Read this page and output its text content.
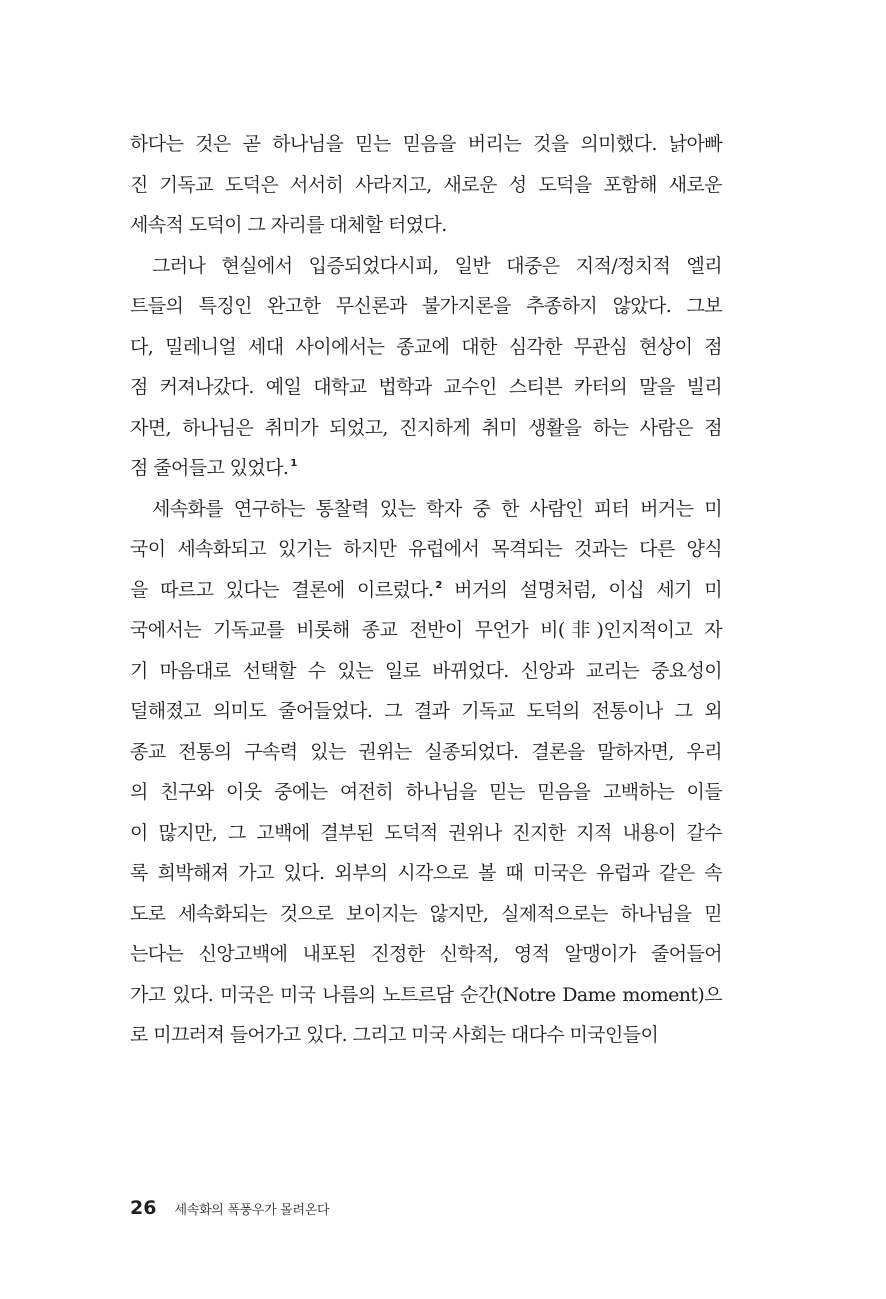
하다는 것은 곧 하나님을 믿는 믿음을 버리는 것을 의미했다. 낡아빠
진 기독교 도덕은 서서히 사라지고, 새로운 성 도덕을 포함해 새로운
세속적 도덕이 그 자리를 대체할 터였다.
그러나 현실에서 입증되었다시피, 일반 대중은 지적/정치적 엘리
트들의 특징인 완고한 무신론과 불가지론을 추종하지 않았다. 그보
다, 밀레니얼 세대 사이에서는 종교에 대한 심각한 무관심 현상이 점
점 커져나갔다. 예일 대학교 법학과 교수인 스티븐 카터의 말을 빌리
자면, 하나님은 취미가 되었고, 진지하게 취미 생활을 하는 사람은 점
점 줄어들고 있었다. $^1$
세속화를 연구하는 통찰력 있는 학자 중 한 사람인 피터 버거는 미
국이 세속화되고 있기는 하지만 유럽에서 목격되는 것과는 다른 양식
을 따르고 있다는 결론에 이르렀다. $^2$ 버거의 설명처럼, 이십 세기 미
국에서는 기독교를 비롯해 종교 전반이 무언가 비(非)인지적이고 자
기 마음대로 선택할 수 있는 일로 바뀌었다. 신앙과 교리는 중요성이
덜해졌고 의미도 줄어들었다. 그 결과 기독교 도덕의 전통이나 그 외
종교 전통의 구속력 있는 권위는 실종되었다. 결론을 말하자면, 우리
의 친구와 이웃 중에는 여전히 하나님을 믿는 믿음을 고백하는 이들
이 많지만, 그 고백에 결부된 도덕적 권위나 진지한 지적 내용이 갈수
록 희박해져 가고 있다. 외부의 시각으로 볼 때 미국은 유럽과 같은 속
도로 세속화되는 것으로 보이지는 않지만, 실제적으로는 하나님을 믿
는다는 신앙고백에 내포된 진정한 신학적, 영적 알맹이가 줄어들어
가고 있다. 미국은 미국 나름의 노트르담 순간(Notre Dame moment)으
로 미끄러져 들어가고 있다. 그리고 미국 사회는 대다수 미국인들이
26 세속화의 폭풍우가 몰려온다
